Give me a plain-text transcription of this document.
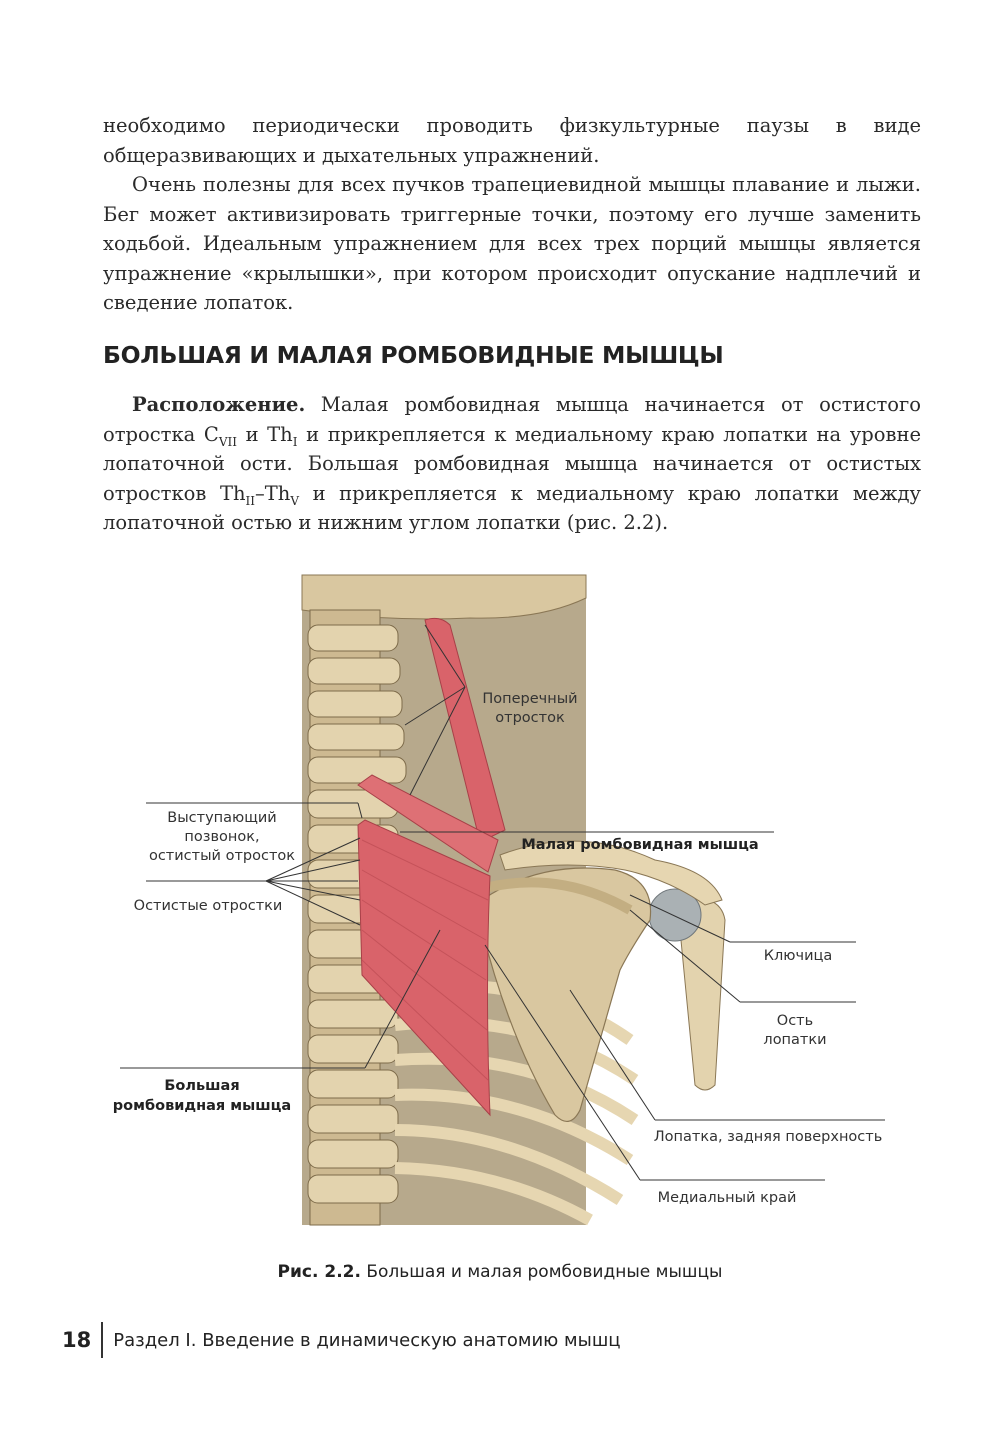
необходимо периодически проводить физкультурные паузы в виде общеразвивающих и дыхательных упражнений.

Очень полезны для всех пучков трапециевидной мышцы плавание и лыжи. Бег может активизировать триггерные точки, поэтому его лучше заменить ходьбой. Идеальным упражнением для всех трех порций мышцы является упражнение «крылышки», при котором происходит опускание надплечий и сведение лопаток.

БОЛЬШАЯ И МАЛАЯ РОМБОВИДНЫЕ МЫШЦЫ

Расположение. Малая ромбовидная мышца начинается от остистого отростка $C_{VII}$ и $Th_I$ и прикрепляется к медиальному краю лопатки на уровне лопаточной ости. Большая ромбовидная мышца начинается от остистых отростков $Th_{II}-Th_V$ и прикрепляется к медиальному краю лопатки между лопаточной остью и нижним углом лопатки (рис. 2.2).

Поперечный
отросток
Выступающий
позвонок,
остистый отросток
Остистые отростки
Малая ромбовидная мышца
Ключица
Ость
лопатки
Большая
ромбовидная мышца
Лопатка, задняя поверхность
Медиальный край
Рис. 2.2. Большая и малая ромбовидные мышцы
18	Раздел I. Введение в динамическую анатомию мышц
